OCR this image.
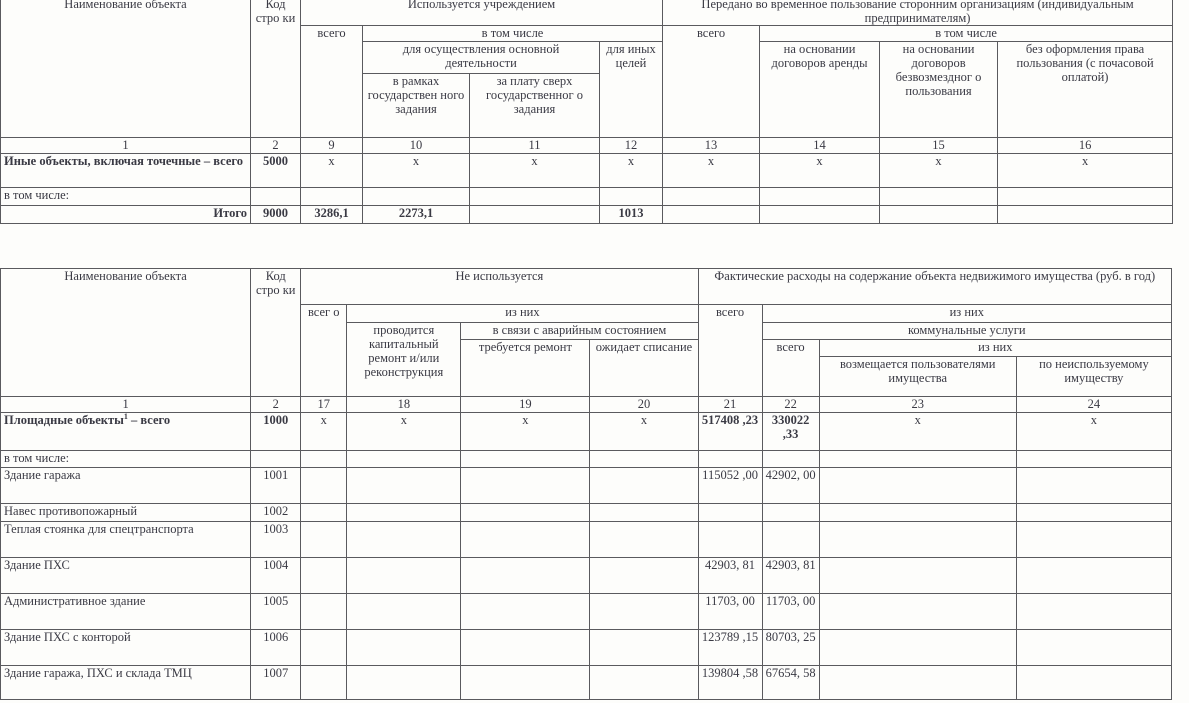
Наименование объекта	Код стро ки	Используется учреждением				Передано во временное пользование сторонним организациям (индивидуальным предпринимателям)			
		всего	в том числе			всего	в том числе		
			для осуществления основной деятельности		для иных целей		на основании договоров аренды	на основании договоров безвозмездног о пользования	без оформления права пользования (с почасовой оплатой)
			в рамках государствен ного задания	за плату сверх государственног о задания					
1	2	9	10	11	12	13	14	15	16
Иные объекты, включая точечные – всего	5000	x	x	x	x	x	x	x	x
в том числе:									
Итого	9000	3286,1	2273,1		1013				
Наименование объекта	Код стро ки	Не используется				Фактические расходы на содержание объекта недвижимого имущества (руб. в год)			
		всег о	из них			всего	из них		
			проводится капитальный ремонт и/или реконструкция	в связи с аварийным состоянием			коммунальные услуги		
				требуется ремонт	ожидает списание		всего	из них	
								возмещается пользователями имущества	по неиспользуемому имуществу
1	2	17	18	19	20	21	22	23	24
Площадные объекты$^1$ – всего	1000	x	x	x	x	517408 ,23	330022 ,33	x	x
в том числе:									
Здание гаража	1001					115052 ,00	42902, 00		
Навес противопожарный	1002								
Теплая стоянка для спецтранспорта	1003								
Здание ПХС	1004					42903, 81	42903, 81		
Административное здание	1005					11703, 00	11703, 00		
Здание ПХС с конторой	1006					123789 ,15	80703, 25		
Здание гаража, ПХС и склада ТМЦ	1007					139804 ,58	67654, 58		
